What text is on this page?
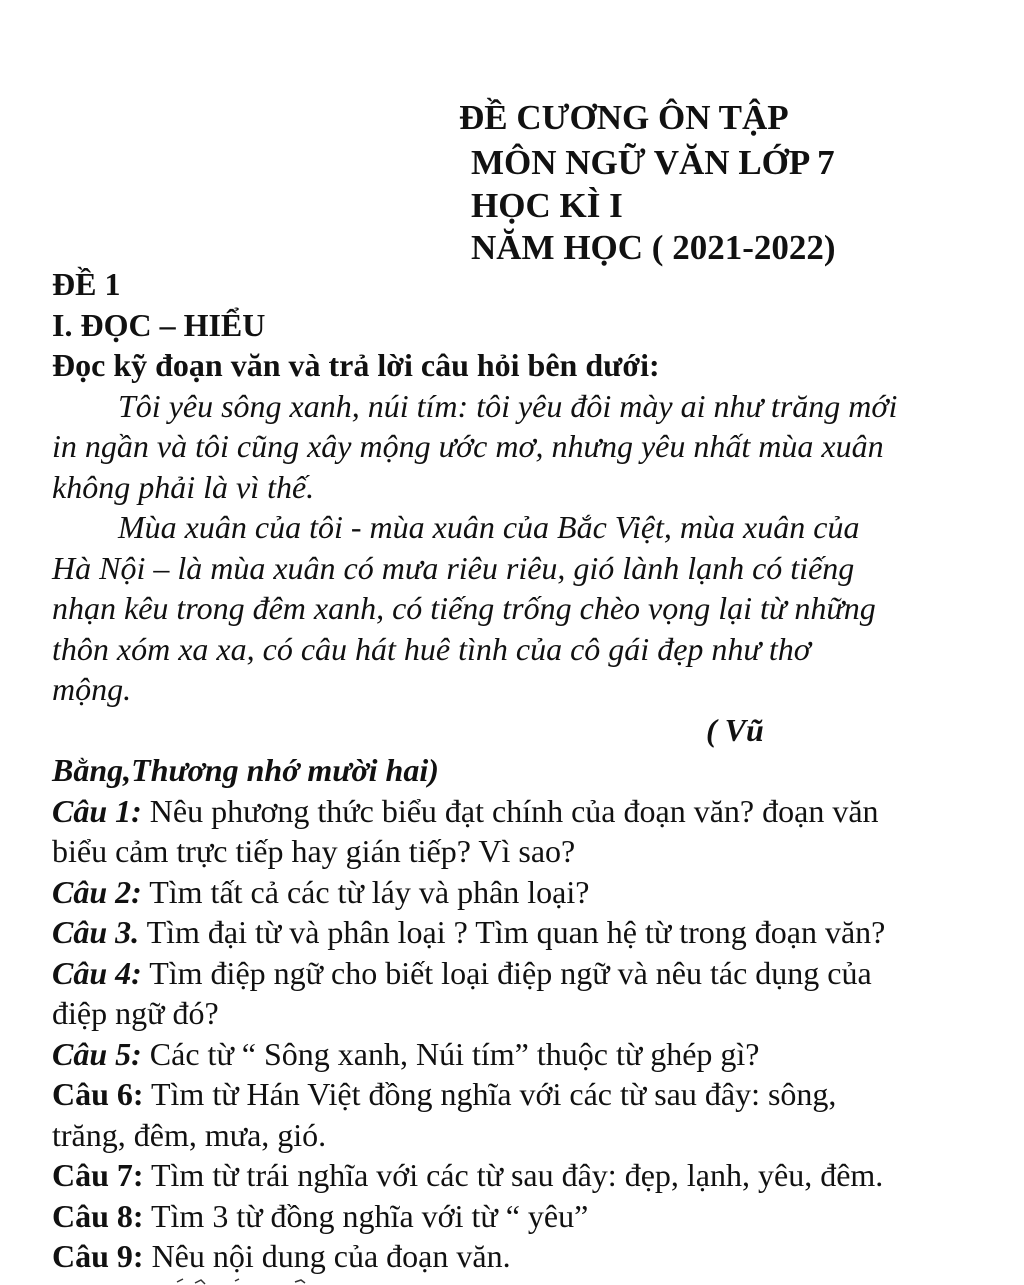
ĐỀ CƯƠNG ÔN TẬP
MÔN NGỮ VĂN LỚP 7
HỌC KÌ I
NĂM HỌC ( 2021-2022)
ĐỀ 1
I. ĐỌC – HIỂU
Đọc kỹ đoạn văn và trả lời câu hỏi bên dưới:
Tôi yêu sông xanh, núi tím: tôi yêu đôi mày ai như trăng mới
in ngần và tôi cũng xây mộng ước mơ, nhưng yêu nhất mùa xuân
không phải là vì thế.
Mùa xuân của tôi - mùa xuân của Bắc Việt, mùa xuân của
Hà Nội – là mùa xuân có mưa riêu riêu, gió lành lạnh có tiếng
nhạn kêu trong đêm xanh, có tiếng trống chèo vọng lại từ những
thôn xóm xa xa, có câu hát huê tình của cô gái đẹp như thơ
mộng.
( Vũ
Bằng,Thương nhớ mười hai)
Câu 1: Nêu phương thức biểu đạt chính của đoạn văn? đoạn văn
biểu cảm trực tiếp hay gián tiếp? Vì sao?
Câu 2: Tìm tất cả các từ láy và phân loại?
Câu 3. Tìm đại từ và phân loại ? Tìm quan hệ từ trong đoạn văn?
Câu 4: Tìm điệp ngữ cho biết loại điệp ngữ và nêu tác dụng của
điệp ngữ đó?
Câu 5: Các từ “ Sông xanh, Núi tím” thuộc từ ghép gì?
Câu 6: Tìm từ Hán Việt đồng nghĩa với các từ sau đây: sông,
trăng, đêm, mưa, gió.
Câu 7: Tìm từ trái nghĩa với các từ sau đây: đẹp, lạnh, yêu, đêm.
Câu 8: Tìm 3 từ đồng nghĩa với từ “ yêu”
Câu 9: Nêu nội dung của đoạn văn.
